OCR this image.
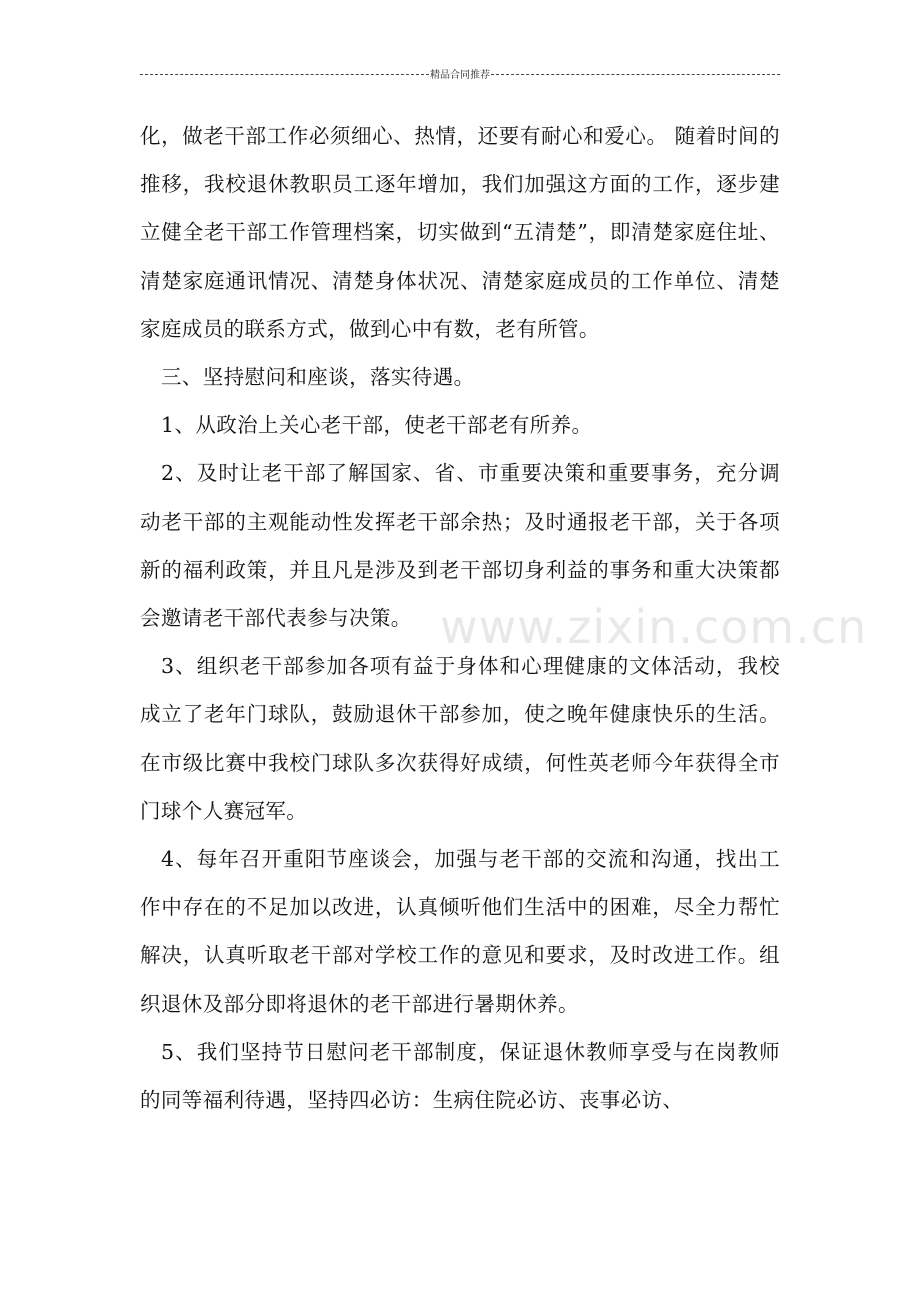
精品合同推荐

化，做老干部工作必须细心、热情，还要有耐心和爱心。 随着时间的推移，我校退休教职员工逐年增加，我们加强这方面的工作，逐步建立健全老干部工作管理档案，切实做到“五清楚”，即清楚家庭住址、清楚家庭通讯情况、清楚身体状况、清楚家庭成员的工作单位、清楚家庭成员的联系方式，做到心中有数，老有所管。

三、坚持慰问和座谈，落实待遇。

1、从政治上关心老干部，使老干部老有所养。

2、及时让老干部了解国家、省、市重要决策和重要事务，充分调动老干部的主观能动性发挥老干部余热；及时通报老干部，关于各项新的福利政策，并且凡是涉及到老干部切身利益的事务和重大决策都会邀请老干部代表参与决策。

3、组织老干部参加各项有益于身体和心理健康的文体活动，我校成立了老年门球队，鼓励退休干部参加，使之晚年健康快乐的生活。在市级比赛中我校门球队多次获得好成绩，何性英老师今年获得全市门球个人赛冠军。

4、每年召开重阳节座谈会，加强与老干部的交流和沟通，找出工作中存在的不足加以改进，认真倾听他们生活中的困难，尽全力帮忙解决，认真听取老干部对学校工作的意见和要求，及时改进工作。组织退休及部分即将退休的老干部进行暑期休养。

5、我们坚持节日慰问老干部制度，保证退休教师享受与在岗教师的同等福利待遇，坚持四必访：生病住院必访、丧事必访、

www.zixin.com.cn
